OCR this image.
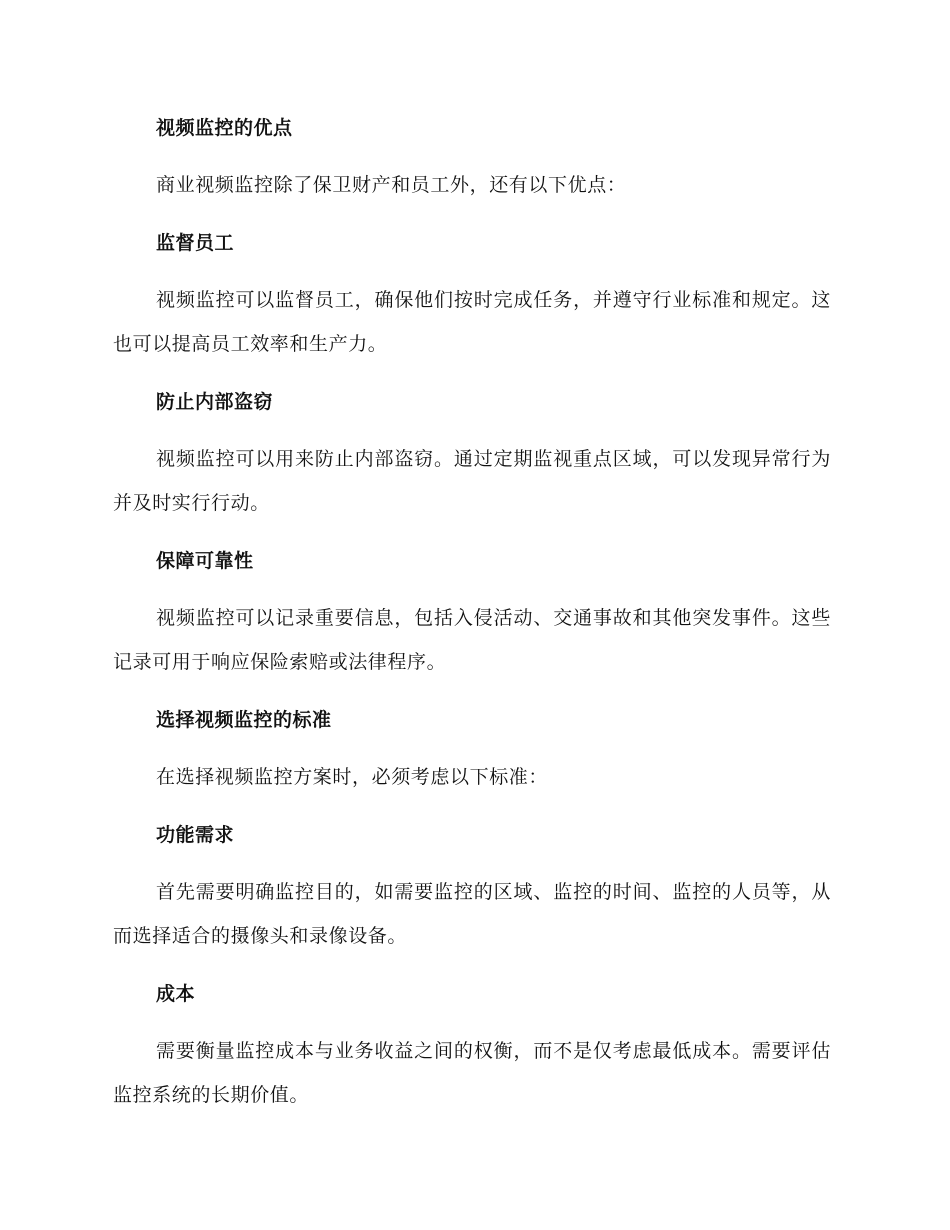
视频监控的优点
商业视频监控除了保卫财产和员工外，还有以下优点：
监督员工
视频监控可以监督员工，确保他们按时完成任务，并遵守行业标准和规定。这也可以提高员工效率和生产力。
防止内部盗窃
视频监控可以用来防止内部盗窃。通过定期监视重点区域，可以发现异常行为并及时实行行动。
保障可靠性
视频监控可以记录重要信息，包括入侵活动、交通事故和其他突发事件。这些记录可用于响应保险索赔或法律程序。
选择视频监控的标准
在选择视频监控方案时，必须考虑以下标准：
功能需求
首先需要明确监控目的，如需要监控的区域、监控的时间、监控的人员等，从而选择适合的摄像头和录像设备。
成本
需要衡量监控成本与业务收益之间的权衡，而不是仅考虑最低成本。需要评估监控系统的长期价值。
